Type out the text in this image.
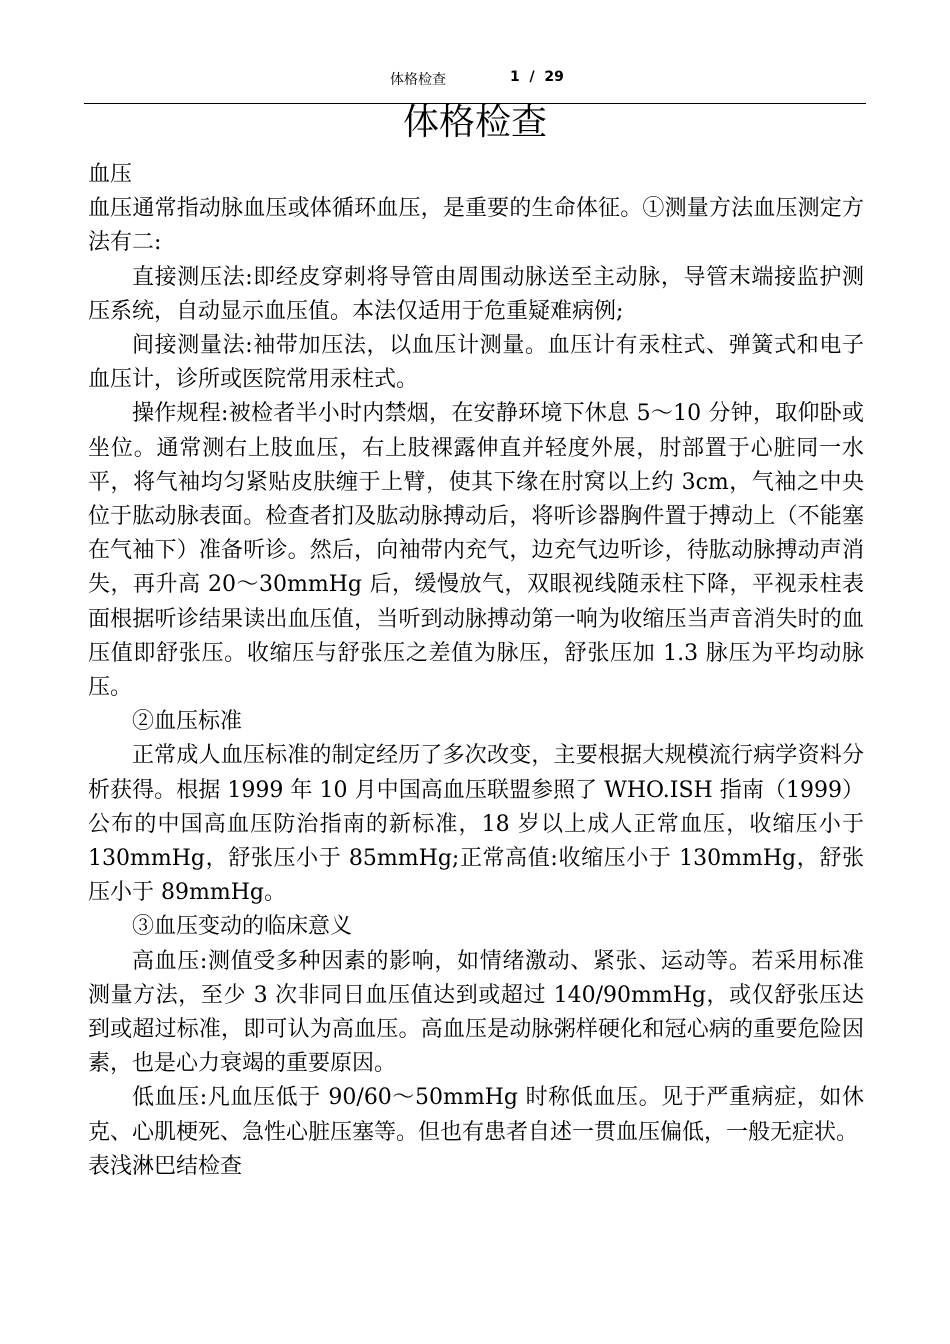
体格检查	1  /  29
体格检查

血压

血压通常指动脉血压或体循环血压，是重要的生命体征。①测量方法血压测定方法有二:

直接测压法:即经皮穿刺将导管由周围动脉送至主动脉，导管末端接监护测压系统，自动显示血压值。本法仅适用于危重疑难病例;

间接测量法:袖带加压法，以血压计测量。血压计有汞柱式、弹簧式和电子血压计，诊所或医院常用汞柱式。

操作规程:被检者半小时内禁烟，在安静环境下休息 5～10 分钟，取仰卧或坐位。通常测右上肢血压，右上肢裸露伸直并轻度外展，肘部置于心脏同一水平，将气袖均匀紧贴皮肤缠于上臂，使其下缘在肘窝以上约 3cm，气袖之中央位于肱动脉表面。检查者扪及肱动脉搏动后，将听诊器胸件置于搏动上（不能塞在气袖下）准备听诊。然后，向袖带内充气，边充气边听诊，待肱动脉搏动声消失，再升高 20～30mmHg 后，缓慢放气，双眼视线随汞柱下降，平视汞柱表面根据听诊结果读出血压值，当听到动脉搏动第一响为收缩压当声音消失时的血压值即舒张压。收缩压与舒张压之差值为脉压，舒张压加 1.3 脉压为平均动脉压。

②血压标准

正常成人血压标准的制定经历了多次改变，主要根据大规模流行病学资料分析获得。根据 1999 年 10 月中国高血压联盟参照了 WHO.ISH 指南（1999）公布的中国高血压防治指南的新标准，18 岁以上成人正常血压，收缩压小于 130mmHg，舒张压小于 85mmHg;正常高值:收缩压小于 130mmHg，舒张压小于 89mmHg。

③血压变动的临床意义

高血压:测值受多种因素的影响，如情绪激动、紧张、运动等。若采用标准测量方法，至少 3 次非同日血压值达到或超过 140/90mmHg，或仅舒张压达到或超过标准，即可认为高血压。高血压是动脉粥样硬化和冠心病的重要危险因素，也是心力衰竭的重要原因。

低血压:凡血压低于 90/60～50mmHg 时称低血压。见于严重病症，如休克、心肌梗死、急性心脏压塞等。但也有患者自述一贯血压偏低，一般无症状。

表浅淋巴结检查
